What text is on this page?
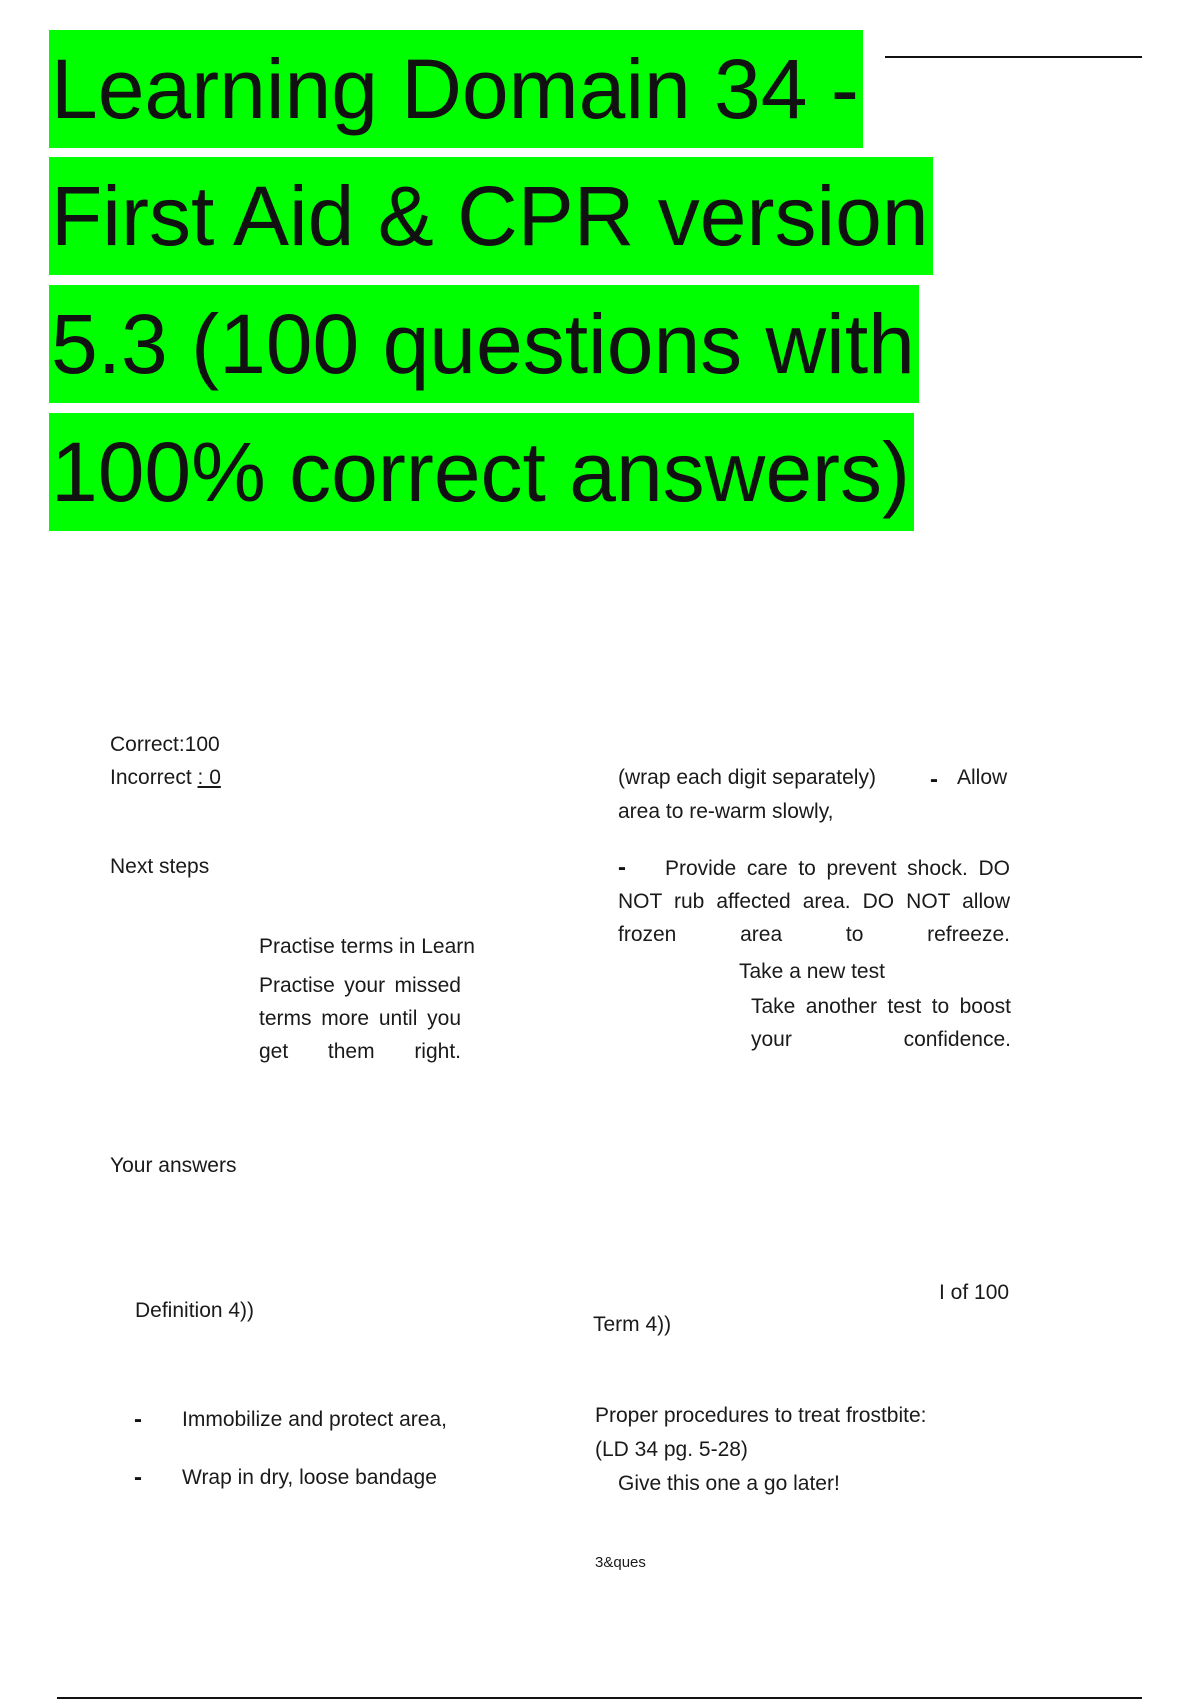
Learning Domain 34 -
First Aid & CPR version
5.3 (100 questions with
100% correct answers)
Correct:100
Incorrect : 0
Next steps
Practise terms in Learn
Practise your missed terms more until you get them right.
(wrap each digit separately) - Allow
area to re-warm slowly,
-	Provide care to prevent shock. DO NOT rub affected area. DO NOT allow frozen area to refreeze.
Take a new test
Take another test to boost your confidence.
Your answers
I of 100
Definition 4))
Term 4))
- Immobilize and protect area,
- Wrap in dry, loose bandage
Proper procedures to treat frostbite:
(LD 34 pg. 5-28)
Give this one a go later!
3&ques
